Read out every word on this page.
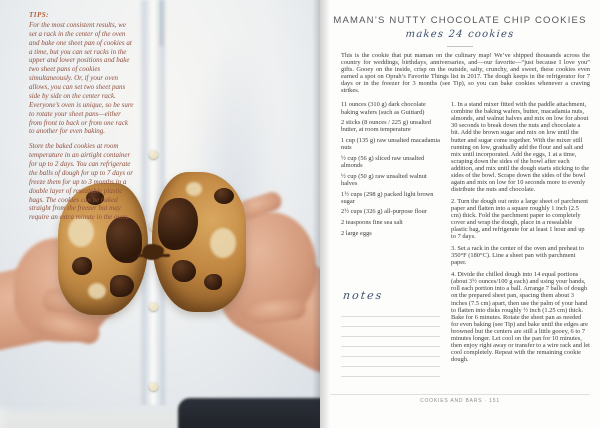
TIPS:

For the most consistent results, we set a rack in the center of the oven and bake one sheet pan of cookies at a time, but you can set racks in the upper and lower positions and bake two sheet pans of cookies simultaneously. Or, if your oven allows, you can set two sheet pans side by side on the center rack. Everyone’s oven is unique, so be sure to rotate your sheet pans—either from front to back or from one rack to another for even baking.

Store the baked cookies at room temperature in an airtight container for up to 2 days. You can refrigerate the balls of dough for up to 7 days or freeze them for up to 3 months in a double layer of resealable plastic bags. The cookies can be baked straight from the freezer but may require an extra minute in the oven.

MAMAN’S NUTTY CHOCOLATE CHIP COOKIES
makes 24 cookies

This is the cookie that put maman on the culinary map! We’ve shipped thousands across the country for weddings, birthdays, anniversaries, and—our favorite—“just because I love you” gifts. Gooey on the inside, crisp on the outside, salty, crunchy, and sweet, these cookies even earned a spot on Oprah’s Favorite Things list in 2017. The dough keeps in the refrigerator for 7 days or in the freezer for 3 months (see Tip), so you can bake cookies whenever a craving strikes.

11 ounces (310 g) dark chocolate baking wafers (such as Guittard)

2 sticks (8 ounces / 225 g) unsalted butter, at room temperature

1 cup (135 g) raw unsalted macadamia nuts

½ cup (56 g) sliced raw unsalted almonds

½ cup (50 g) raw unsalted walnut halves

1½ cups (298 g) packed light brown sugar

2½ cups (326 g) all-purpose flour

2 teaspoons fine sea salt

2 large eggs

notes

1. In a stand mixer fitted with the paddle attachment, combine the baking wafers, butter, macadamia nuts, almonds, and walnut halves and mix on low for about 30 seconds to break down the nuts and chocolate a bit. Add the brown sugar and mix on low until the butter and sugar come together. With the mixer still running on low, gradually add the flour and salt and mix until incorporated. Add the eggs, 1 at a time, scraping down the sides of the bowl after each addition, and mix until the dough starts sticking to the sides of the bowl. Scrape down the sides of the bowl again and mix on low for 10 seconds more to evenly distribute the nuts and chocolate.

2. Turn the dough out onto a large sheet of parchment paper and flatten into a square roughly 1 inch (2.5 cm) thick. Fold the parchment paper to completely cover and wrap the dough, place in a resealable plastic bag, and refrigerate for at least 1 hour and up to 7 days.

3. Set a rack in the center of the oven and preheat to 350°F (180°C). Line a sheet pan with parchment paper.

4. Divide the chilled dough into 14 equal portions (about 3½ ounces/100 g each) and using your hands, roll each portion into a ball. Arrange 7 balls of dough on the prepared sheet pan, spacing them about 3 inches (7.5 cm) apart, then use the palm of your hand to flatten into disks roughly ½ inch (1.25 cm) thick. Bake for 6 minutes. Rotate the sheet pan as needed for even baking (see Tip) and bake until the edges are browned but the centers are still a little gooey, 6 to 7 minutes longer. Let cool on the pan for 10 minutes, then enjoy right away or transfer to a wire rack and let cool completely. Repeat with the remaining cookie dough.

COOKIES AND BARS · 151
